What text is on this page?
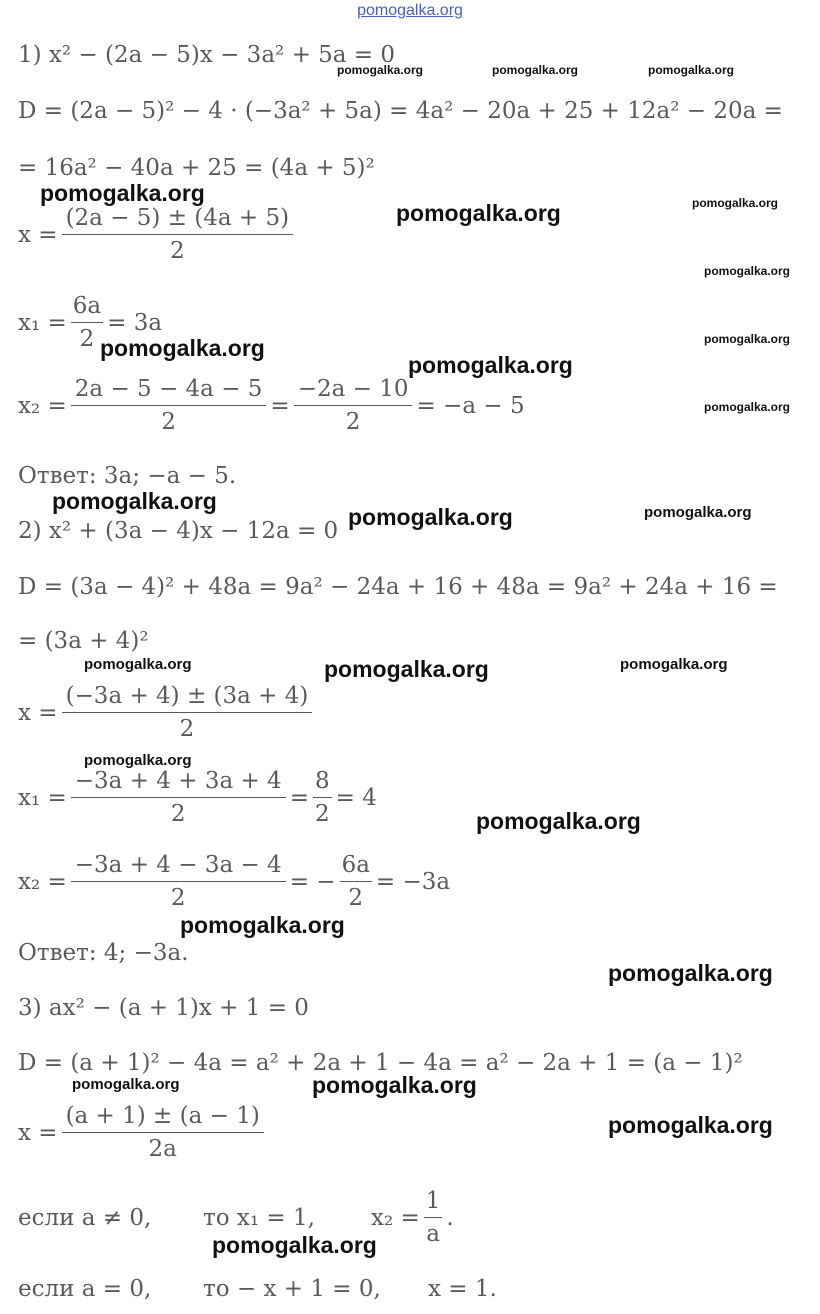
pomogalka.org
1) x² − (2a − 5)x − 3a² + 5a = 0
D = (2a − 5)² − 4 · (−3a² + 5a) = 4a² − 20a + 25 + 12a² − 20a =
= 16a² − 40a + 25 = (4a + 5)²
$x = \frac{(2a - 5) \pm (4a + 5)}{2}$
$x_1 = \frac{6a}{2} = 3a$
$x_2 = \frac{2a - 5 - 4a - 5}{2} = \frac{-2a - 10}{2} = -a - 5$
Ответ: 3a; −a − 5.
2) x² + (3a − 4)x − 12a = 0
D = (3a − 4)² + 48a = 9a² − 24a + 16 + 48a = 9a² + 24a + 16 =
= (3a + 4)²
$x = \frac{(-3a + 4) \pm (3a + 4)}{2}$
$x_1 = \frac{-3a + 4 + 3a + 4}{2} = \frac{8}{2} = 4$
$x_2 = \frac{-3a + 4 - 3a - 4}{2}$ = − $\frac{6a}{2} = -3a$
Ответ: 4; −3a.
3) ax² − (a + 1)x + 1 = 0
D = (a + 1)² − 4a = a² + 2a + 1 − 4a = a² − 2a + 1 = (a − 1)²
$x = \frac{(a + 1) \pm (a - 1)}{2a}$
если a ≠ 0,	то x₁ = 1,	$x_2 = \frac{1}{a}$ .
если a = 0,	то − x + 1 = 0,	x = 1.
pomogalka.org	pomogalka.org	pomogalka.org
pomogalka.org
pomogalka.org	pomogalka.org
pomogalka.org
pomogalka.org
pomogalka.org
pomogalka.org
pomogalka.org
pomogalka.org
pomogalka.org	pomogalka.org
pomogalka.org	pomogalka.org	pomogalka.org
pomogalka.org
pomogalka.org
pomogalka.org
pomogalka.org
pomogalka.org	pomogalka.org
pomogalka.org
pomogalka.org
